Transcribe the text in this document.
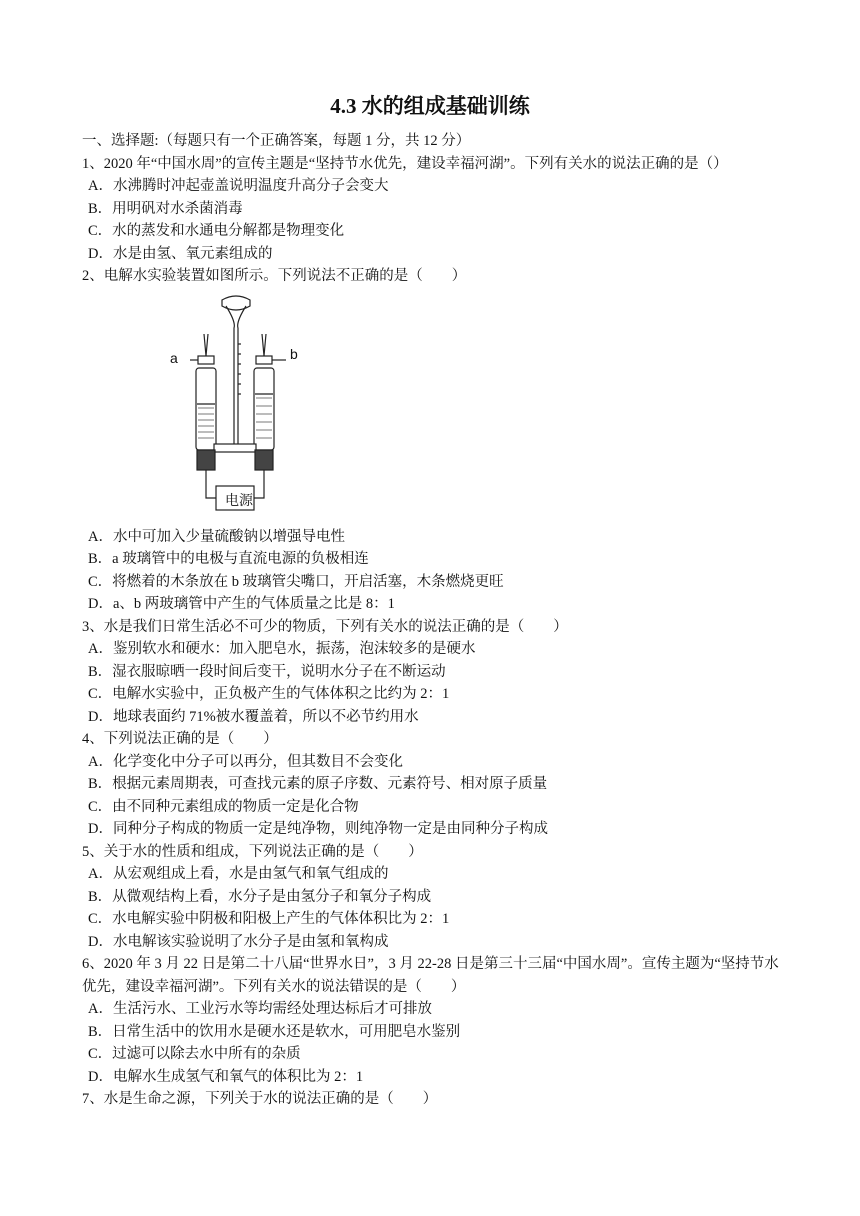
4.3 水的组成基础训练
一、选择题:（每题只有一个正确答案，每题 1 分，共 12 分）
1、2020 年“中国水周”的宣传主题是“坚持节水优先，建设幸福河湖”。下列有关水的说法正确的是（）
A．水沸腾时冲起壶盖说明温度升高分子会变大
B．用明矾对水杀菌消毒
C．水的蒸发和水通电分解都是物理变化
D．水是由氢、氧元素组成的
2、电解水实验装置如图所示。下列说法不正确的是（　　）
a	b
电源
A．水中可加入少量硫酸钠以增强导电性
B．a 玻璃管中的电极与直流电源的负极相连
C．将燃着的木条放在 b 玻璃管尖嘴口，开启活塞，木条燃烧更旺
D．a、b 两玻璃管中产生的气体质量之比是 8：1
3、水是我们日常生活必不可少的物质，下列有关水的说法正确的是（　　）
A．鉴别软水和硬水：加入肥皂水，振荡，泡沫较多的是硬水
B．湿衣服晾晒一段时间后变干，说明水分子在不断运动
C．电解水实验中，正负极产生的气体体积之比约为 2：1
D．地球表面约 71%被水覆盖着，所以不必节约用水
4、下列说法正确的是（　　）
A．化学变化中分子可以再分，但其数目不会变化
B．根据元素周期表，可查找元素的原子序数、元素符号、相对原子质量
C．由不同种元素组成的物质一定是化合物
D．同种分子构成的物质一定是纯净物，则纯净物一定是由同种分子构成
5、关于水的性质和组成，下列说法正确的是（　　）
A．从宏观组成上看，水是由氢气和氧气组成的
B．从微观结构上看，水分子是由氢分子和氧分子构成
C．水电解实验中阴极和阳极上产生的气体体积比为 2：1
D．水电解该实验说明了水分子是由氢和氧构成
6、2020 年 3 月 22 日是第二十八届“世界水日”，3 月 22-28 日是第三十三届“中国水周”。宣传主题为“坚持节水优先，建设幸福河湖”。下列有关水的说法错误的是（　　）
A．生活污水、工业污水等均需经处理达标后才可排放
B．日常生活中的饮用水是硬水还是软水，可用肥皂水鉴别
C．过滤可以除去水中所有的杂质
D．电解水生成氢气和氧气的体积比为 2：1
7、水是生命之源，下列关于水的说法正确的是（　　）
